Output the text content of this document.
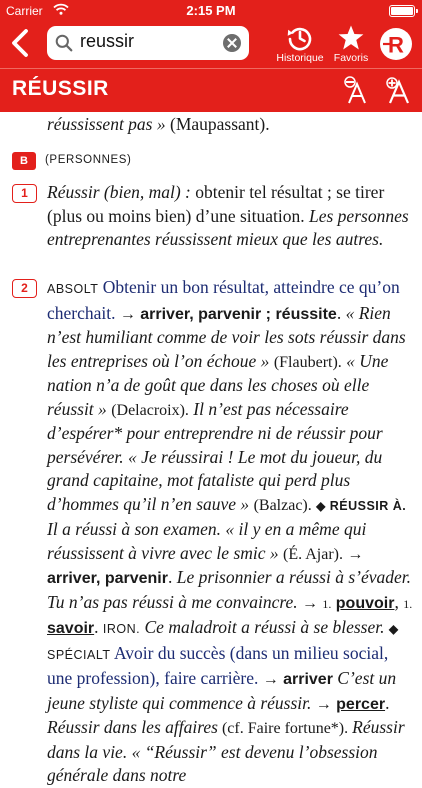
Carrier	2:15 PM
reussir
Historique Favoris
R
RÉUSSIR
réussissent pas » (Maupassant).
B (PERSONNES)
1	Réussir (bien, mal) : obtenir tel résultat ; se tirer (plus ou moins bien) d’une situation. Les personnes entreprenantes réussissent mieux que les autres.
2	ABSOLT Obtenir un bon résultat, atteindre ce qu’on cherchait. → arriver, parvenir ; réussite. « Rien n’est humiliant comme de voir les sots réussir dans les entreprises où l’on échoue » (Flaubert). « Une nation n’a de goût que dans les choses où elle réussit » (Delacroix). Il n’est pas nécessaire d’espérer* pour entreprendre ni de réussir pour persévérer. « Je réussirai ! Le mot du joueur, du grand capitaine, mot fataliste qui perd plus d’hommes qu’il n’en sauve » (Balzac). ◆ RÉUSSIR À. Il a réussi à son examen. « il y en a même qui réussissent à vivre avec le smic » (É. Ajar). → arriver, parvenir. Le prisonnier a réussi à s’évader. Tu n’as pas réussi à me convaincre. → 1. pouvoir, 1. savoir. IRON. Ce maladroit a réussi à se blesser. ◆ SPÉCIALT Avoir du succès (dans un milieu social, une profession), faire carrière. → arriver C’est un jeune styliste qui commence à réussir. → percer. Réussir dans les affaires (cf. Faire fortune*). Réussir dans la vie. « “Réussir” est devenu l’obsession générale dans notre
